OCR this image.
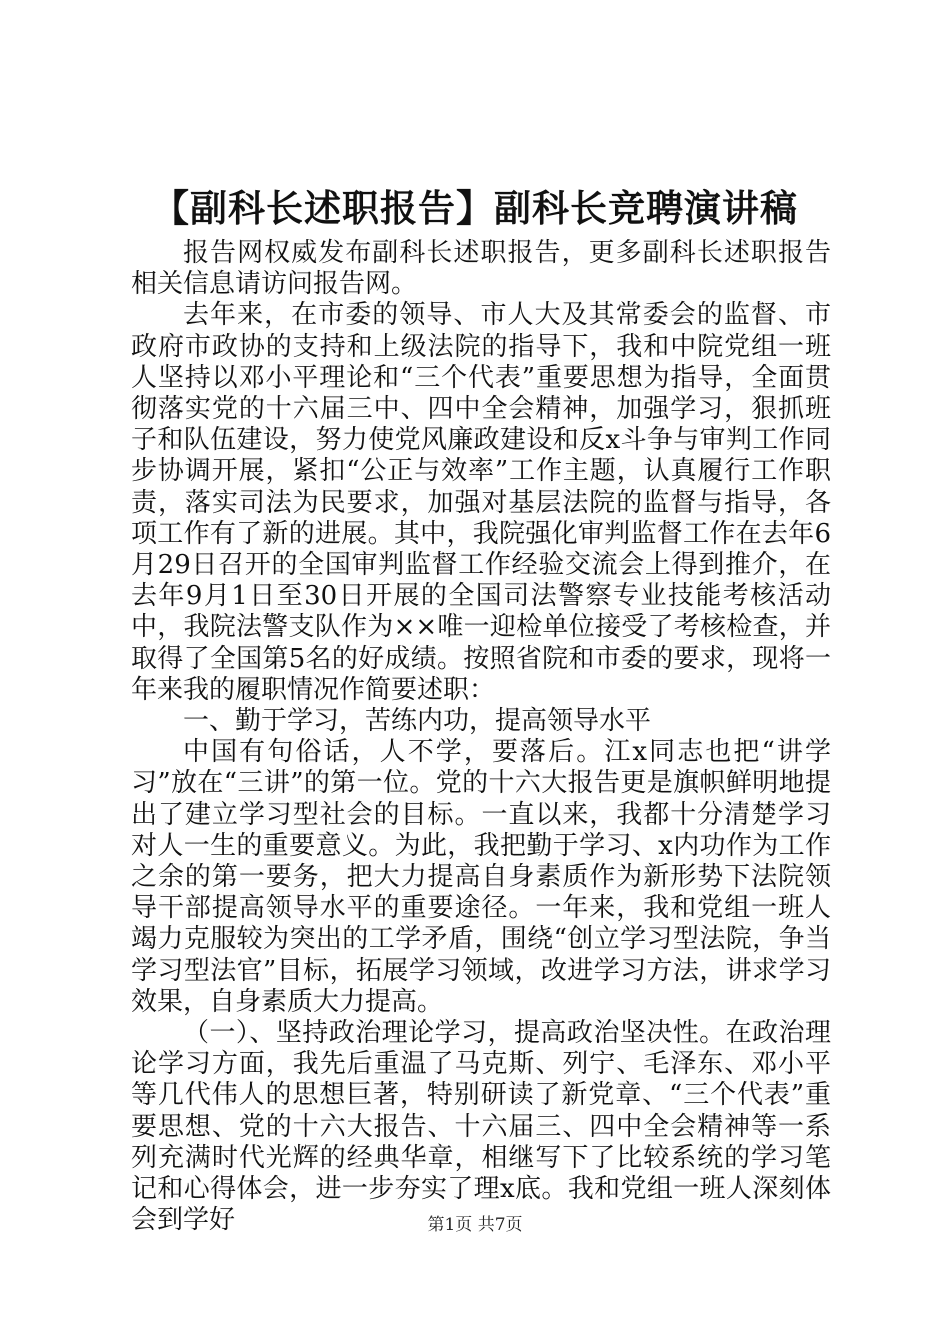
【副科长述职报告】副科长竞聘演讲稿

报告网权威发布副科长述职报告，更多副科长述职报告相关信息请访问报告网。

去年来，在市委的领导、市人大及其常委会的监督、市政府市政协的支持和上级法院的指导下，我和中院党组一班人坚持以邓小平理论和“三个代表”重要思想为指导，全面贯彻落实党的十六届三中、四中全会精神，加强学习，狠抓班子和队伍建设，努力使党风廉政建设和反x斗争与审判工作同步协调开展，紧扣“公正与效率”工作主题，认真履行工作职责，落实司法为民要求，加强对基层法院的监督与指导，各项工作有了新的进展。其中，我院强化审判监督工作在去年6月29日召开的全国审判监督工作经验交流会上得到推介，在去年9月1日至30日开展的全国司法警察专业技能考核活动中，我院法警支队作为××唯一迎检单位接受了考核检查，并取得了全国第5名的好成绩。按照省院和市委的要求，现将一年来我的履职情况作简要述职：

一、勤于学习，苦练内功，提高领导水平

中国有句俗话，人不学，要落后。江x同志也把“讲学习”放在“三讲”的第一位。党的十六大报告更是旗帜鲜明地提出了建立学习型社会的目标。一直以来，我都十分清楚学习对人一生的重要意义。为此，我把勤于学习、x内功作为工作之余的第一要务，把大力提高自身素质作为新形势下法院领导干部提高领导水平的重要途径。一年来，我和党组一班人竭力克服较为突出的工学矛盾，围绕“创立学习型法院，争当学习型法官”目标，拓展学习领域，改进学习方法，讲求学习效果，自身素质大力提高。

（一）、坚持政治理论学习，提高政治坚决性。在政治理论学习方面，我先后重温了马克斯、列宁、毛泽东、邓小平等几代伟人的思想巨著，特别研读了新党章、“三个代表”重要思想、党的十六大报告、十六届三、四中全会精神等一系列充满时代光辉的经典华章，相继写下了比较系统的学习笔记和心得体会，进一步夯实了理x底。我和党组一班人深刻体会到学好	第1页 共7页
